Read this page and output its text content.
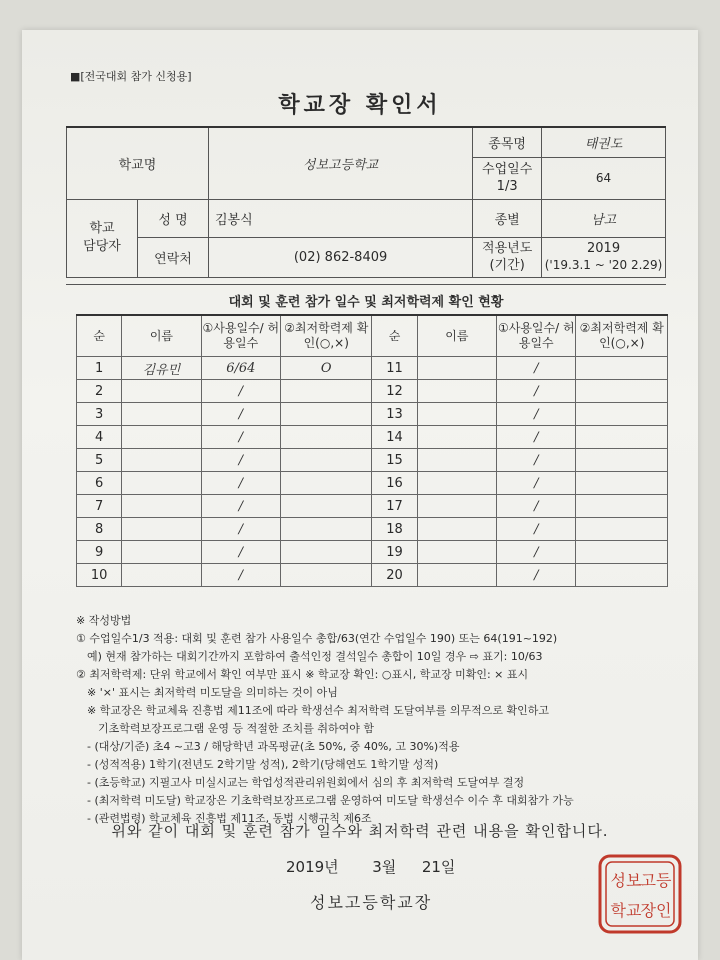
■[전국대회 참가 신청용]
학교장 확인서
학교명		성보고등학교	종목명	태권도
			수업일수 1/3	64

학교
담당자	성 명	김봉식	종별	남고
	연락처	(02) 862-8409	적용년도 (기간)	2019
('19.3.1 ~ '20 2.29)
대회 및 훈련 참가 일수 및 최저학력제 확인 현황
순	이름	①사용일수/ 허용일수	②최저학력제 확인(○,×)	순	이름	①사용일수/ 허용일수	②최저학력제 확인(○,×)
1	김유민	6/64	O	11		/	
2		/		12		/	
3		/		13		/	
4		/		14		/	
5		/		15		/	
6		/		16		/	
7		/		17		/	
8		/		18		/	
9		/		19		/	
10		/		20		/	
※ 작성방법
① 수업일수1/3 적용: 대회 및 훈련 참가 사용일수 총합/63(연간 수업일수 190) 또는 64(191~192)
　예) 현재 참가하는 대회기간까지 포함하여 출석인정 결석일수 총합이 10일 경우 ⇨ 표기: 10/63
② 최저학력제: 단위 학교에서 확인 여부만 표시 ※ 학교장 확인: ○표시, 학교장 미확인: × 표시
　※ '×' 표시는 최저학력 미도달을 의미하는 것이 아님
　※ 학교장은 학교체육 진흥법 제11조에 따라 학생선수 최저학력 도달여부를 의무적으로 확인하고
　　기초학력보장프로그램 운영 등 적절한 조치를 취하여야 함
　- (대상/기준) 초4 ~고3 / 해당학년 과목평균(초 50%, 중 40%, 고 30%)적용
　- (성적적용) 1학기(전년도 2학기말 성적), 2학기(당해연도 1학기말 성적)
　- (초등학교) 지필고사 미실시교는 학업성적관리위원회에서 심의 후 최저학력 도달여부 결정
　- (최저학력 미도달) 학교장은 기초학력보장프로그램 운영하여 미도달 학생선수 이수 후 대회참가 가능
　- (관련법령) 학교체육 진흥법 제11조, 동법 시행규칙 제6조
위와 같이 대회 및 훈련 참가 일수와 최저학력 관련 내용을 확인합니다.
2019년 3월 21일
성보고등학교장
성보 고등
학교 장인
